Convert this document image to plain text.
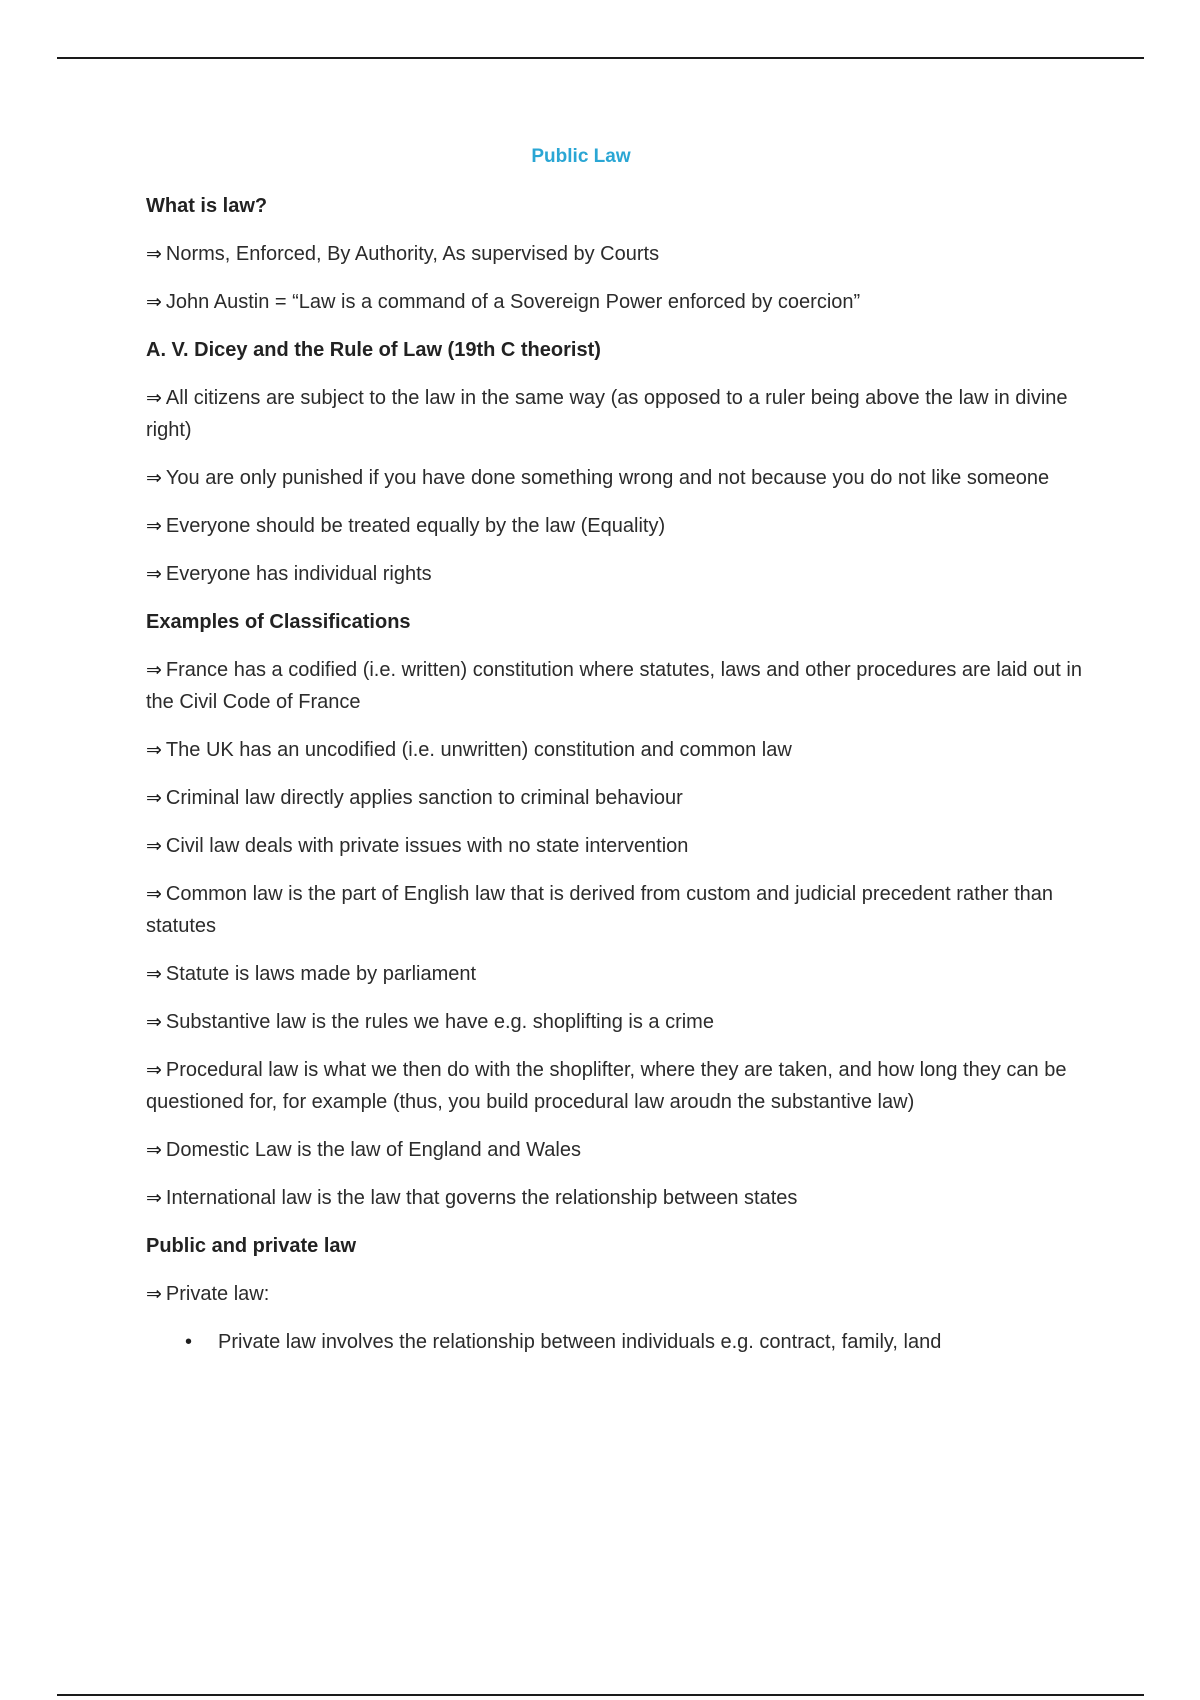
Public Law
What is law?
⇒ Norms, Enforced, By Authority, As supervised by Courts
⇒ John Austin = “Law is a command of a Sovereign Power enforced by coercion”
A. V. Dicey and the Rule of Law (19th C theorist)
⇒ All citizens are subject to the law in the same way (as opposed to a ruler being above the law in divine right)
⇒ You are only punished if you have done something wrong and not because you do not like someone
⇒ Everyone should be treated equally by the law (Equality)
⇒ Everyone has individual rights
Examples of Classifications
⇒ France has a codified (i.e. written) constitution where statutes, laws and other procedures are laid out in the Civil Code of France
⇒ The UK has an uncodified (i.e. unwritten) constitution and common law
⇒ Criminal law directly applies sanction to criminal behaviour
⇒ Civil law deals with private issues with no state intervention
⇒ Common law is the part of English law that is derived from custom and judicial precedent rather than statutes
⇒ Statute is laws made by parliament
⇒ Substantive law is the rules we have e.g. shoplifting is a crime
⇒ Procedural law is what we then do with the shoplifter, where they are taken, and how long they can be questioned for, for example (thus, you build procedural law aroudn the substantive law)
⇒ Domestic Law is the law of England and Wales
⇒ International law is the law that governs the relationship between states
Public and private law
⇒ Private law:
• Private law involves the relationship between individuals e.g. contract, family, land
